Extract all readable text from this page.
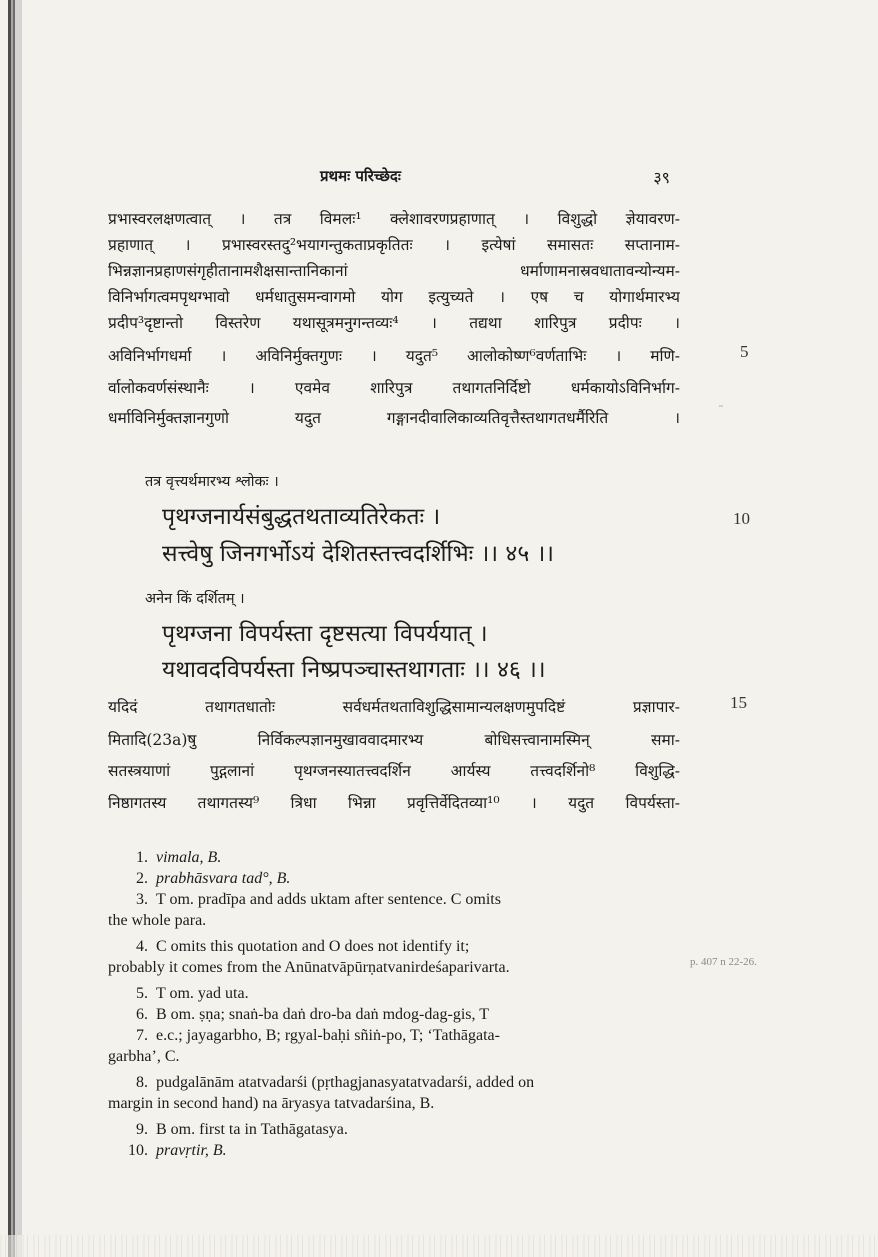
प्रथमः परिच्छेदः	३९
प्रभास्वरलक्षणत्वात् । तत्र विमलः¹ क्लेशावरणप्रहाणात् । विशुद्धो ज्ञेयावरण-
प्रहाणात् । प्रभास्वरस्तदु²भयागन्तुकताप्रकृतितः । इत्येषां समासतः सप्तानाम-
भिन्नज्ञानप्रहाणसंगृहीतानामशैक्षसान्तानिकानां धर्माणामनास्रवधातावन्योन्यम-
विनिर्भागत्वमपृथग्भावो धर्मधातुसमन्वागमो योग इत्युच्यते । एष च योगार्थमारभ्य
प्रदीप³दृष्टान्तो विस्तरेण यथासूत्रमनुगन्तव्यः⁴ । तद्यथा शारिपुत्र प्रदीपः ।
अविनिर्भागधर्मा । अविनिर्मुक्तगुणः । यदुत⁵ आलोकोष्ण⁶वर्णताभिः । मणि-
र्वालोकवर्णसंस्थानैः । एवमेव शारिपुत्र तथागतनिर्दिष्टो धर्मकायोऽविनिर्भाग-
धर्माविनिर्मुक्तज्ञानगुणो यदुत गङ्गानदीवालिकाव्यतिवृत्तैस्तथागतधर्मैरिति ।
5
˜
तत्र वृत्त्यर्थमारभ्य श्लोकः ।
पृथग्जनार्यसंबुद्धतथताव्यतिरेकतः ।
सत्त्वेषु जिनगर्भोऽयं देशितस्तत्त्वदर्शिभिः ।। ४५ ।।
10
अनेन किं दर्शितम् ।
पृथग्जना विपर्यस्ता दृष्टसत्या विपर्ययात् ।
यथावदविपर्यस्ता निष्प्रपञ्चास्तथागताः ।। ४६ ।।
यदिदं तथागतधातोः सर्वधर्मतथताविशुद्धिसामान्यलक्षणमुपदिष्टं प्रज्ञापार-
मितादि(23a)षु निर्विकल्पज्ञानमुखाववादमारभ्य बोधिसत्त्वानामस्मिन् समा-
सतस्त्रयाणां पुद्गलानां पृथग्जनस्यातत्त्वदर्शिन आर्यस्य तत्त्वदर्शिनो⁸ विशुद्धि-
निष्ठागतस्य तथागतस्य⁹ त्रिधा भिन्ना प्रवृत्तिर्वेदितव्या¹⁰ । यदुत विपर्यस्ता-
15
1. vimala, B.
2. prabhāsvara tad°, B.
3. T om. pradīpa and adds uktam after sentence. C omits
the whole para.
4. C omits this quotation and O does not identify it;
probably it comes from the Anūnatvāpūrṇatvanirdeśaparivarta.	p. 407 n 22-26.
5. T om. yad uta.
6. B om. ṣṇa; snaṅ-ba daṅ dro-ba daṅ mdog-dag-gis, T
7. e.c.; jayagarbho, B; rgyal-baḥi sñiṅ-po, T; ‘Tathāgata-
garbha’, C.
8. pudgalānām atatvadarśi (pṛthagjanasyatatvadarśi, added on
margin in second hand) na āryasya tatvadarśina, B.
9. B om. first ta in Tathāgatasya.
10. pravṛtir, B.
